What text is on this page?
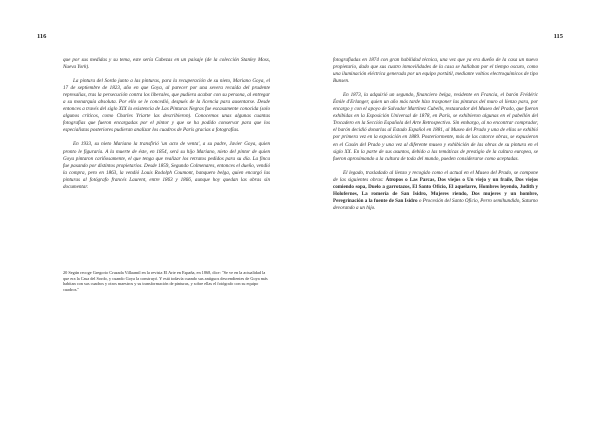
116

que por sus medidas y su tema, este sería Cabezas en un paisaje (de la colección Stanley Moss, Nueva York).

La pintura del Sordo junto a las pinturas, para la recuperación de su nieto, Mariano Goya, el 17 de septiembre de 1823, año en que Goya, al parecer por una severa recaída del prudente represalias, tras la persecución contra los liberales, que pudiera acabar con su persona, al entregar a su monarquía absoluta. Por ello se le concedió, después de la licencia para ausentarse. Desde entonces a través del siglo XIX la existencia de Las Pinturas Negras fue escasamente conocida (solo algunos críticos, como Charles Yriarte las describieron). Conocemos unas algunas cuantas fotografías que fueron encargadas por el pintor y que se ha podido conservar para que los especialistas posteriores pudieran analizar los cuadros de París gracias a fotografías.

En 1933, su nieto Mariano la transfirió 'un acto de venta', a su padre, Javier Goya, quien pronto le figuraría. A la muerte de éste, en 1854, será su hijo Mariano, nieto del pintor de quien Goya pintaron cariñosamente, el que tenga que realizar los retratos pedidos para su día. La finca fue pasando por distintos propietarios. Desde 1859, Segundo Colmenares, entonces el dueño, vendió la compra, pero en 1863, la vendió Louis Rodolph Coumont, banquero belga, quien encargó las pinturas al fotógrafo francés Laurent, entre 1863 y 1866, aunque hoy quedan las obras sin documentar.

20 Según recoge Gregorio Cruzada Villaamil en la revista El Arte en España, en 1868, dice: "Se ve en la actualidad la que era la Casa del Sordo, y cuando Goya la construyó. Y está todavía cuando sus antiguos descendientes de Goya más habitan con sus cuadros y otros maestros y su transformación de pinturas, y sobre ellas el fotógrafo con su equipo cuadros."

115

fotografiadas en 1874 con gran habilidad técnica, una vez que ya era dueño de la casa un nuevo propietario, dado que sus cuatro inmovilidades de la casa se hallaban por el tiempo oscuro, como una iluminación eléctrica generada por un equipo portátil, mediante voltios electroquímicos de tipo Bunsen.

En 1873, la adquirió un segundo, financiero belga, residente en Francia, el barón Frédéric Émile d'Erlanger, quien un año más tarde hizo trasponer las pinturas del muro al lienzo para, por encargo y con el apoyo de Salvador Martínez Cubells, restaurador del Museo del Prado, que fueron exhibidas en la Exposición Universal de 1878, en París, se exhibieron algunas en el pabellón del Trocadero en la Sección Española del Arte Retrospectivo. Sin embargo, al no encontrar comprador, el barón decidió donarlas al Estado Español en 1881, al Museo del Prado y una de ellas se exhibió por primera vez en la exposición en 1889. Posteriormente, más de las catorce obras, se expusieron en el Casón del Prado y una vez al diferente museo y exhibición de las obras de su pintura en el siglo XX. En la parte de sus asuntos, debido a las temáticas de prestigio de la cultura europea, se fueron aproximando a la cultura de toda del mundo, pueden considerarse como aceptadas.

El legado, trasladado al lienzo y recogido como el actual en el Museo del Prado, se compone de las siguientes obras: Átropos o Las Parcas, Dos viejos o Un viejo y un fraile, Dos viejos comiendo sopa, Duelo a garrotazos, El Santo Oficio, El aquelarre, Hombres leyendo, Judith y Holofernes, La romería de San Isidro, Mujeres riendo, Dos mujeres y un hombre, Peregrinación a la fuente de San Isidro o Procesión del Santo Oficio, Perro semihundido, Saturno devorando a un hijo.
